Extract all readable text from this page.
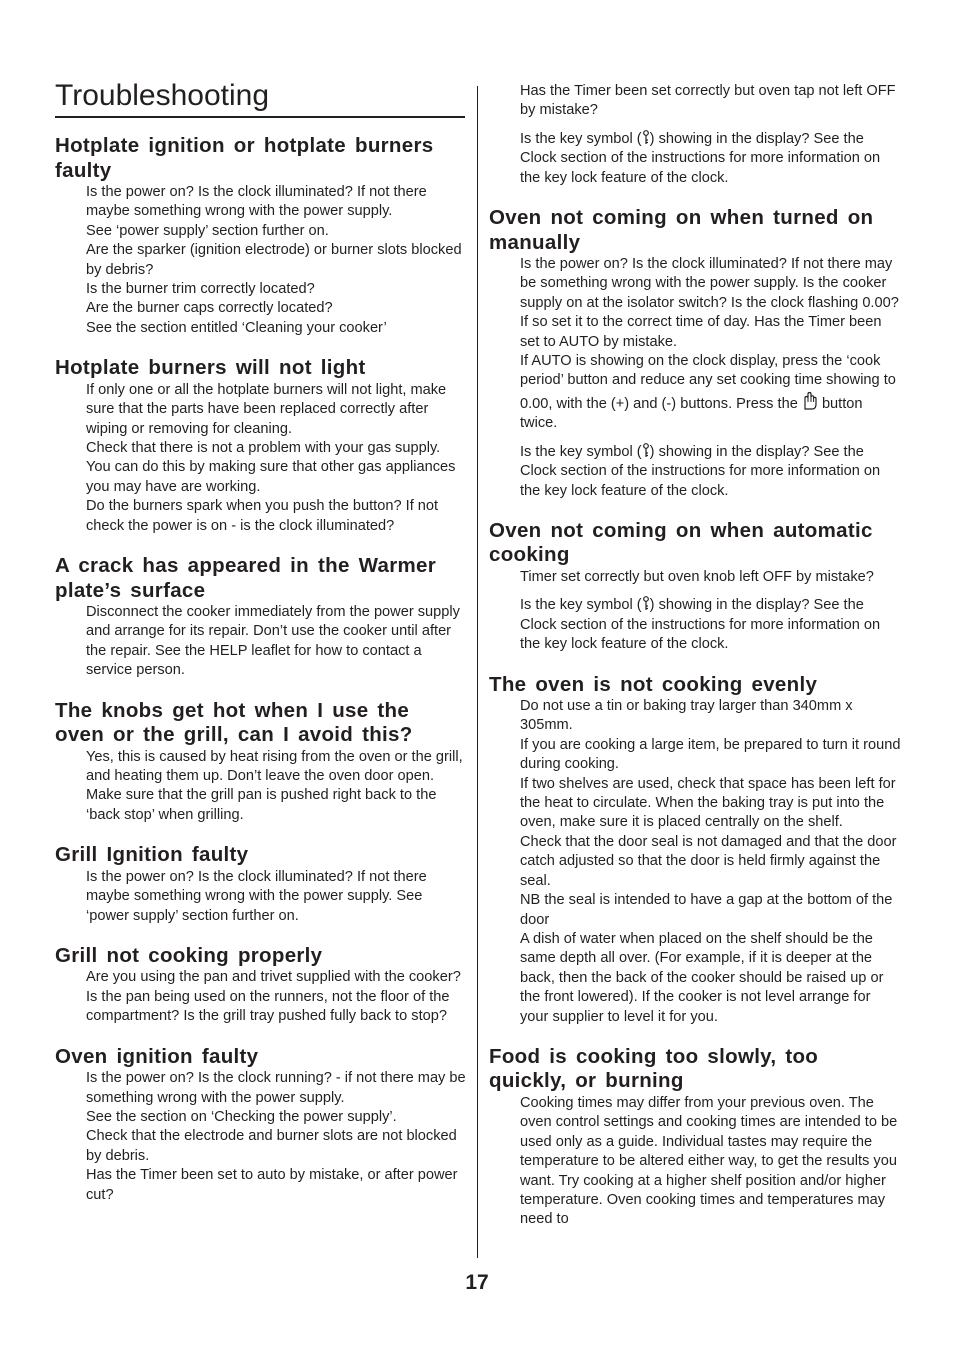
Troubleshooting
Hotplate ignition or hotplate burners faulty

Is the power on? Is the clock illuminated? If not there maybe something wrong with the power supply.

See ‘power supply’ section further on.

Are the sparker (ignition electrode) or burner slots blocked by debris?

Is the burner trim correctly located?

Are the burner caps correctly located?

See the section entitled ‘Cleaning your cooker’

Hotplate burners will not light

If only one or all the hotplate burners will not light, make sure that the parts have been replaced correctly after wiping or removing for cleaning.

Check that there is not a problem with your gas supply. You can do this by making sure that other gas appliances you may have are working.

Do the burners spark when you push the button? If not check the power is on - is the clock illuminated?

A crack has appeared in the Warmer plate’s surface

Disconnect the cooker immediately from the power supply and arrange for its repair. Don’t use the cooker until after the repair. See the HELP leaflet for how to contact a service person.

The knobs get hot when I use the oven or the grill, can I avoid this?

Yes, this is caused by heat rising from the oven or the grill, and heating them up. Don’t leave the oven door open. Make sure that the grill pan is pushed right back to the ‘back stop’ when grilling.

Grill Ignition faulty

Is the power on? Is the clock illuminated? If not there maybe something wrong with the power supply. See ‘power supply’ section further on.

Grill not cooking properly

Are you using the pan and trivet supplied with the cooker? Is the pan being used on the runners, not the floor of the compartment? Is the grill tray pushed fully back to stop?

Oven ignition faulty

Is the power on? Is the clock running? - if not there may be something wrong with the power supply.

See the section on ‘Checking the power supply’.

Check that the electrode and burner slots are not blocked by debris.

Has the Timer been set to auto by mistake, or after power cut?

Has the Timer been set correctly but oven tap not left OFF by mistake?

Is the key symbol ( ) showing in the display? See the Clock section of the instructions for more information on the key lock feature of the clock.

Oven not coming on when turned on manually

Is the power on? Is the clock illuminated? If not there may be something wrong with the power supply. Is the cooker supply on at the isolator switch? Is the clock flashing 0.00? If so set it to the correct time of day. Has the Timer been set to AUTO by mistake.

If AUTO is showing on the clock display, press the ‘cook period’ button and reduce any set cooking time showing to 0.00, with the (+) and (-) buttons. Press the  button twice.

Is the key symbol ( ) showing in the display? See the Clock section of the instructions for more information on the key lock feature of the clock.

Oven not coming on when automatic cooking

Timer set correctly but oven knob left OFF by mistake?

Is the key symbol ( ) showing in the display? See the Clock section of the instructions for more information on the key lock feature of the clock.

The oven is not cooking evenly

Do not use a tin or baking tray larger than 340mm x 305mm.

If you are cooking a large item, be prepared to turn it round during cooking.

If two shelves are used, check that space has been left for the heat to circulate. When the baking tray is put into the oven, make sure it is placed centrally on the shelf.

Check that the door seal is not damaged and that the door catch adjusted so that the door is held firmly against the seal.

NB the seal is intended to have a gap at the bottom of the door

A dish of water when placed on the shelf should be the same depth all over. (For example, if it is deeper at the back, then the back of the cooker should be raised up or the front lowered). If the cooker is not level arrange for your supplier to level it for you.

Food is cooking too slowly, too quickly, or burning

Cooking times may differ from your previous oven. The oven control settings and cooking times are intended to be used only as a guide. Individual tastes may require the temperature to be altered either way, to get the results you want. Try cooking at a higher shelf position and/or higher temperature. Oven cooking times and temperatures may need to

17
